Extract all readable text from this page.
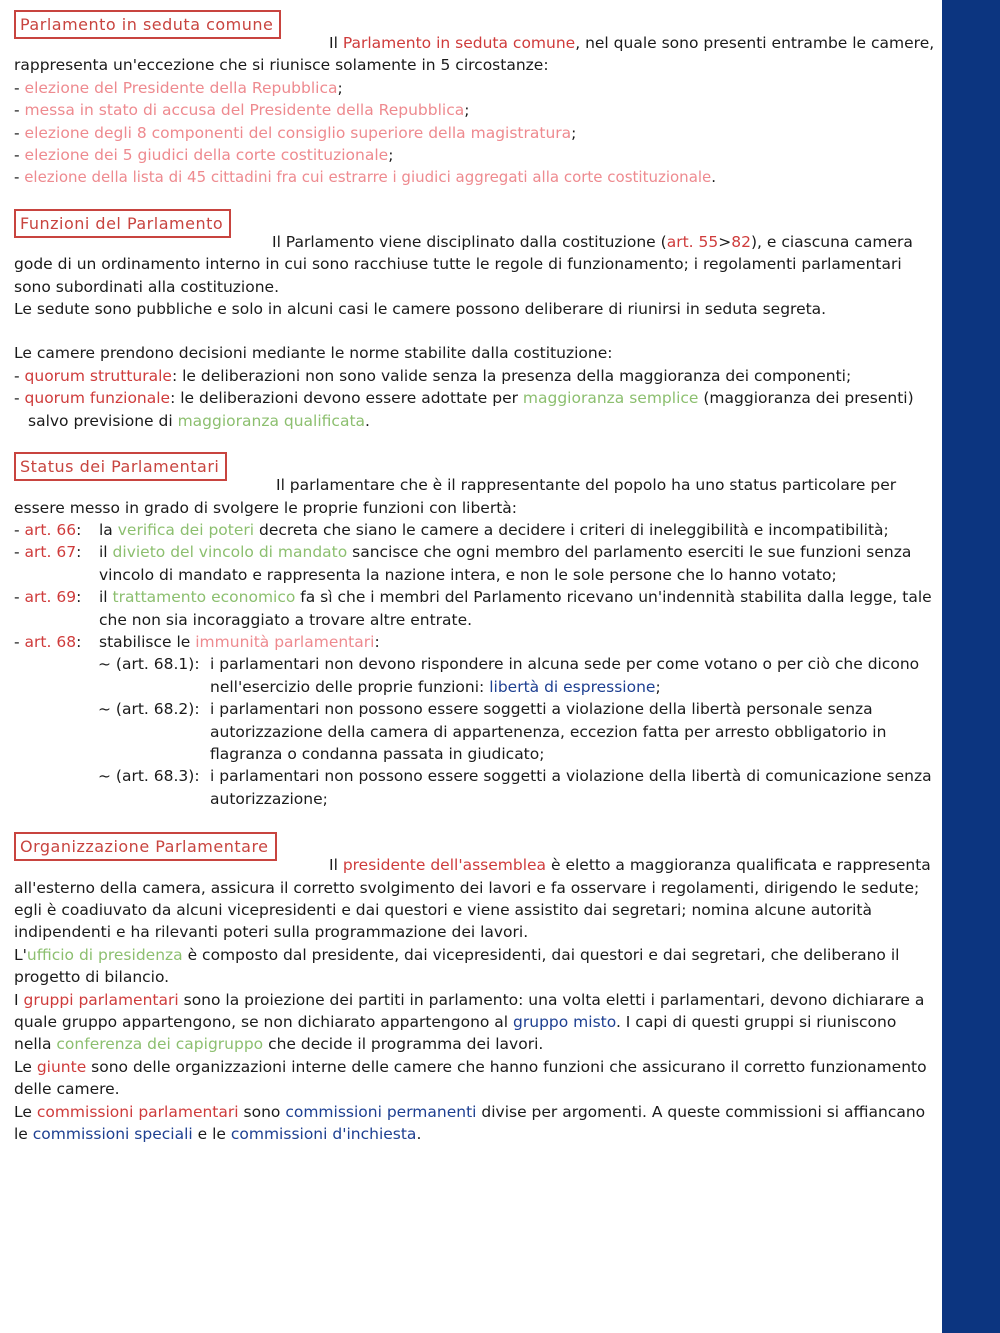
Parlamento in seduta comune

Il Parlamento in seduta comune, nel quale sono presenti entrambe le camere, rappresenta un'eccezione che si riunisce solamente in 5 circostanze:

- elezione del Presidente della Repubblica;

- messa in stato di accusa del Presidente della Repubblica;

- elezione degli 8 componenti del consiglio superiore della magistratura;

- elezione dei 5 giudici della corte costituzionale;

- elezione della lista di 45 cittadini fra cui estrarre i giudici aggregati alla corte costituzionale.

Funzioni del Parlamento

Il Parlamento viene disciplinato dalla costituzione (art. 55>82), e ciascuna camera gode di un ordinamento interno in cui sono racchiuse tutte le regole di funzionamento; i regolamenti parlamentari sono subordinati alla costituzione.

Le sedute sono pubbliche e solo in alcuni casi le camere possono deliberare di riunirsi in seduta segreta.

Le camere prendono decisioni mediante le norme stabilite dalla costituzione:

- quorum strutturale: le deliberazioni non sono valide senza la presenza della maggioranza dei componenti;

- quorum funzionale: le deliberazioni devono essere adottate per maggioranza semplice (maggioranza dei presenti) salvo previsione di maggioranza qualificata.

Status dei Parlamentari

Il parlamentare che è il rappresentante del popolo ha uno status particolare per essere messo in grado di svolgere le proprie funzioni con libertà:

- art. 66:	la verifica dei poteri decreta che siano le camere a decidere i criteri di ineleggibilità e incompatibilità;
- art. 67:	il divieto del vincolo di mandato sancisce che ogni membro del parlamento eserciti le sue funzioni senza vincolo di mandato e rappresenta la nazione intera, e non le sole persone che lo hanno votato;
- art. 69:	il trattamento economico fa sì che i membri del Parlamento ricevano un'indennità stabilita dalla legge, tale che non sia incoraggiato a trovare altre entrate.
- art. 68:	stabilisce le immunità parlamentari:
~ (art. 68.1): i parlamentari non devono rispondere in alcuna sede per come votano o per ciò che dicono nell'esercizio delle proprie funzioni: libertà di espressione;
~ (art. 68.2): i parlamentari non possono essere soggetti a violazione della libertà personale senza autorizzazione della camera di appartenenza, eccezion fatta per arresto obbligatorio in flagranza o condanna passata in giudicato;
~ (art. 68.3): i parlamentari non possono essere soggetti a violazione della libertà di comunicazione senza autorizzazione;
Organizzazione Parlamentare

Il presidente dell'assemblea è eletto a maggioranza qualificata e rappresenta all'esterno della camera, assicura il corretto svolgimento dei lavori e fa osservare i regolamenti, dirigendo le sedute; egli è coadiuvato da alcuni vicepresidenti e dai questori e viene assistito dai segretari; nomina alcune autorità indipendenti e ha rilevanti poteri sulla programmazione dei lavori.

L'ufficio di presidenza è composto dal presidente, dai vicepresidenti, dai questori e dai segretari, che deliberano il progetto di bilancio.

I gruppi parlamentari sono la proiezione dei partiti in parlamento: una volta eletti i parlamentari, devono dichiarare a quale gruppo appartengono, se non dichiarato appartengono al gruppo misto. I capi di questi gruppi si riuniscono nella conferenza dei capigruppo che decide il programma dei lavori.

Le giunte sono delle organizzazioni interne delle camere che hanno funzioni che assicurano il corretto funzionamento delle camere.

Le commissioni parlamentari sono commissioni permanenti divise per argomenti. A queste commissioni si affiancano le commissioni speciali e le commissioni d'inchiesta.
